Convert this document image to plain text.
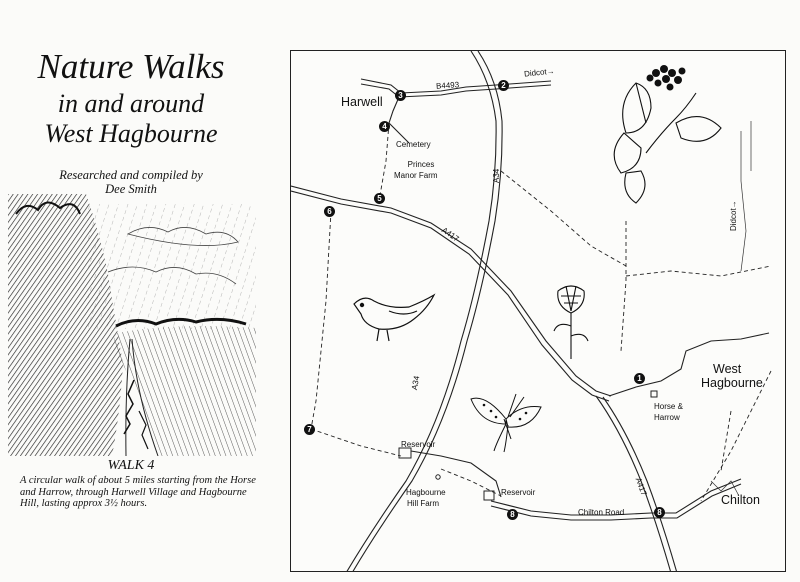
Nature Walks
in and around
West Hagbourne
Researched and compiled by
Dee Smith
WALK 4
A circular walk of about 5 miles starting from the Horse and Harrow, through Harwell Village and Hagbourne Hill, lasting approx 3½ hours.
Harwell
West
Hagbourne
Chilton
Cemetery
Princes
Manor Farm
Reservoir
Reservoir
Hagbourne
Hill Farm
Horse &
Harrow
Chilton Road
B4493
Didcot→
Didcot→
A34
A34
A417
A417
1
2
3
4
5
6
7
8	8
